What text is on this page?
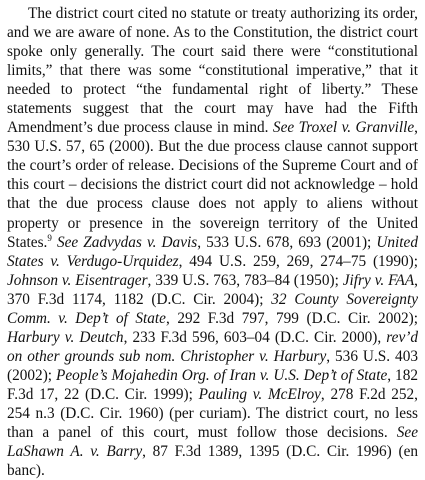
The district court cited no statute or treaty authorizing its order, and we are aware of none. As to the Constitution, the district court spoke only generally. The court said there were “constitutional limits,” that there was some “constitutional imperative,” that it needed to protect “the fundamental right of liberty.” These statements suggest that the court may have had the Fifth Amendment’s due process clause in mind. See Troxel v. Granville, 530 U.S. 57, 65 (2000). But the due process clause cannot support the court’s order of release. Decisions of the Supreme Court and of this court – decisions the district court did not acknowledge – hold that the due process clause does not apply to aliens without property or presence in the sovereign territory of the United States.$^9$ See Zadvydas v. Davis, 533 U.S. 678, 693 (2001); United States v. Verdugo-Urquidez, 494 U.S. 259, 269, 274–75 (1990); Johnson v. Eisentrager, 339 U.S. 763, 783–84 (1950); Jifry v. FAA, 370 F.3d 1174, 1182 (D.C. Cir. 2004); 32 County Sovereignty Comm. v. Dep’t of State, 292 F.3d 797, 799 (D.C. Cir. 2002); Harbury v. Deutch, 233 F.3d 596, 603–04 (D.C. Cir. 2000), rev’d on other grounds sub nom. Christopher v. Harbury, 536 U.S. 403 (2002); People’s Mojahedin Org. of Iran v. U.S. Dep’t of State, 182 F.3d 17, 22 (D.C. Cir. 1999); Pauling v. McElroy, 278 F.2d 252, 254 n.3 (D.C. Cir. 1960) (per curiam). The district court, no less than a panel of this court, must follow those decisions. See LaShawn A. v. Barry, 87 F.3d 1389, 1395 (D.C. Cir. 1996) (en banc).
